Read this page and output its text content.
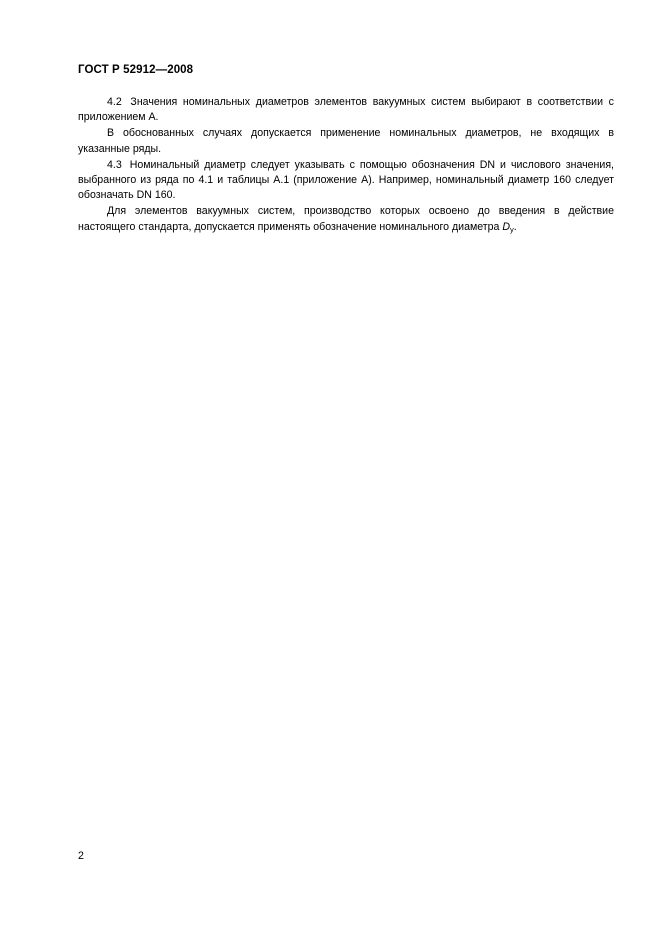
ГОСТ Р 52912—2008

4.2 Значения номинальных диаметров элементов вакуумных систем выбирают в соответствии с приложением А.

В обоснованных случаях допускается применение номинальных диаметров, не входящих в указанные ряды.

4.3 Номинальный диаметр следует указывать с помощью обозначения DN и числового значения, выбранного из ряда по 4.1 и таблицы А.1 (приложение А). Например, номинальный диаметр 160 следует обозначать DN 160.

Для элементов вакуумных систем, производство которых освоено до введения в действие настоящего стандарта, допускается применять обозначение номинального диаметра $D_y$.

2
